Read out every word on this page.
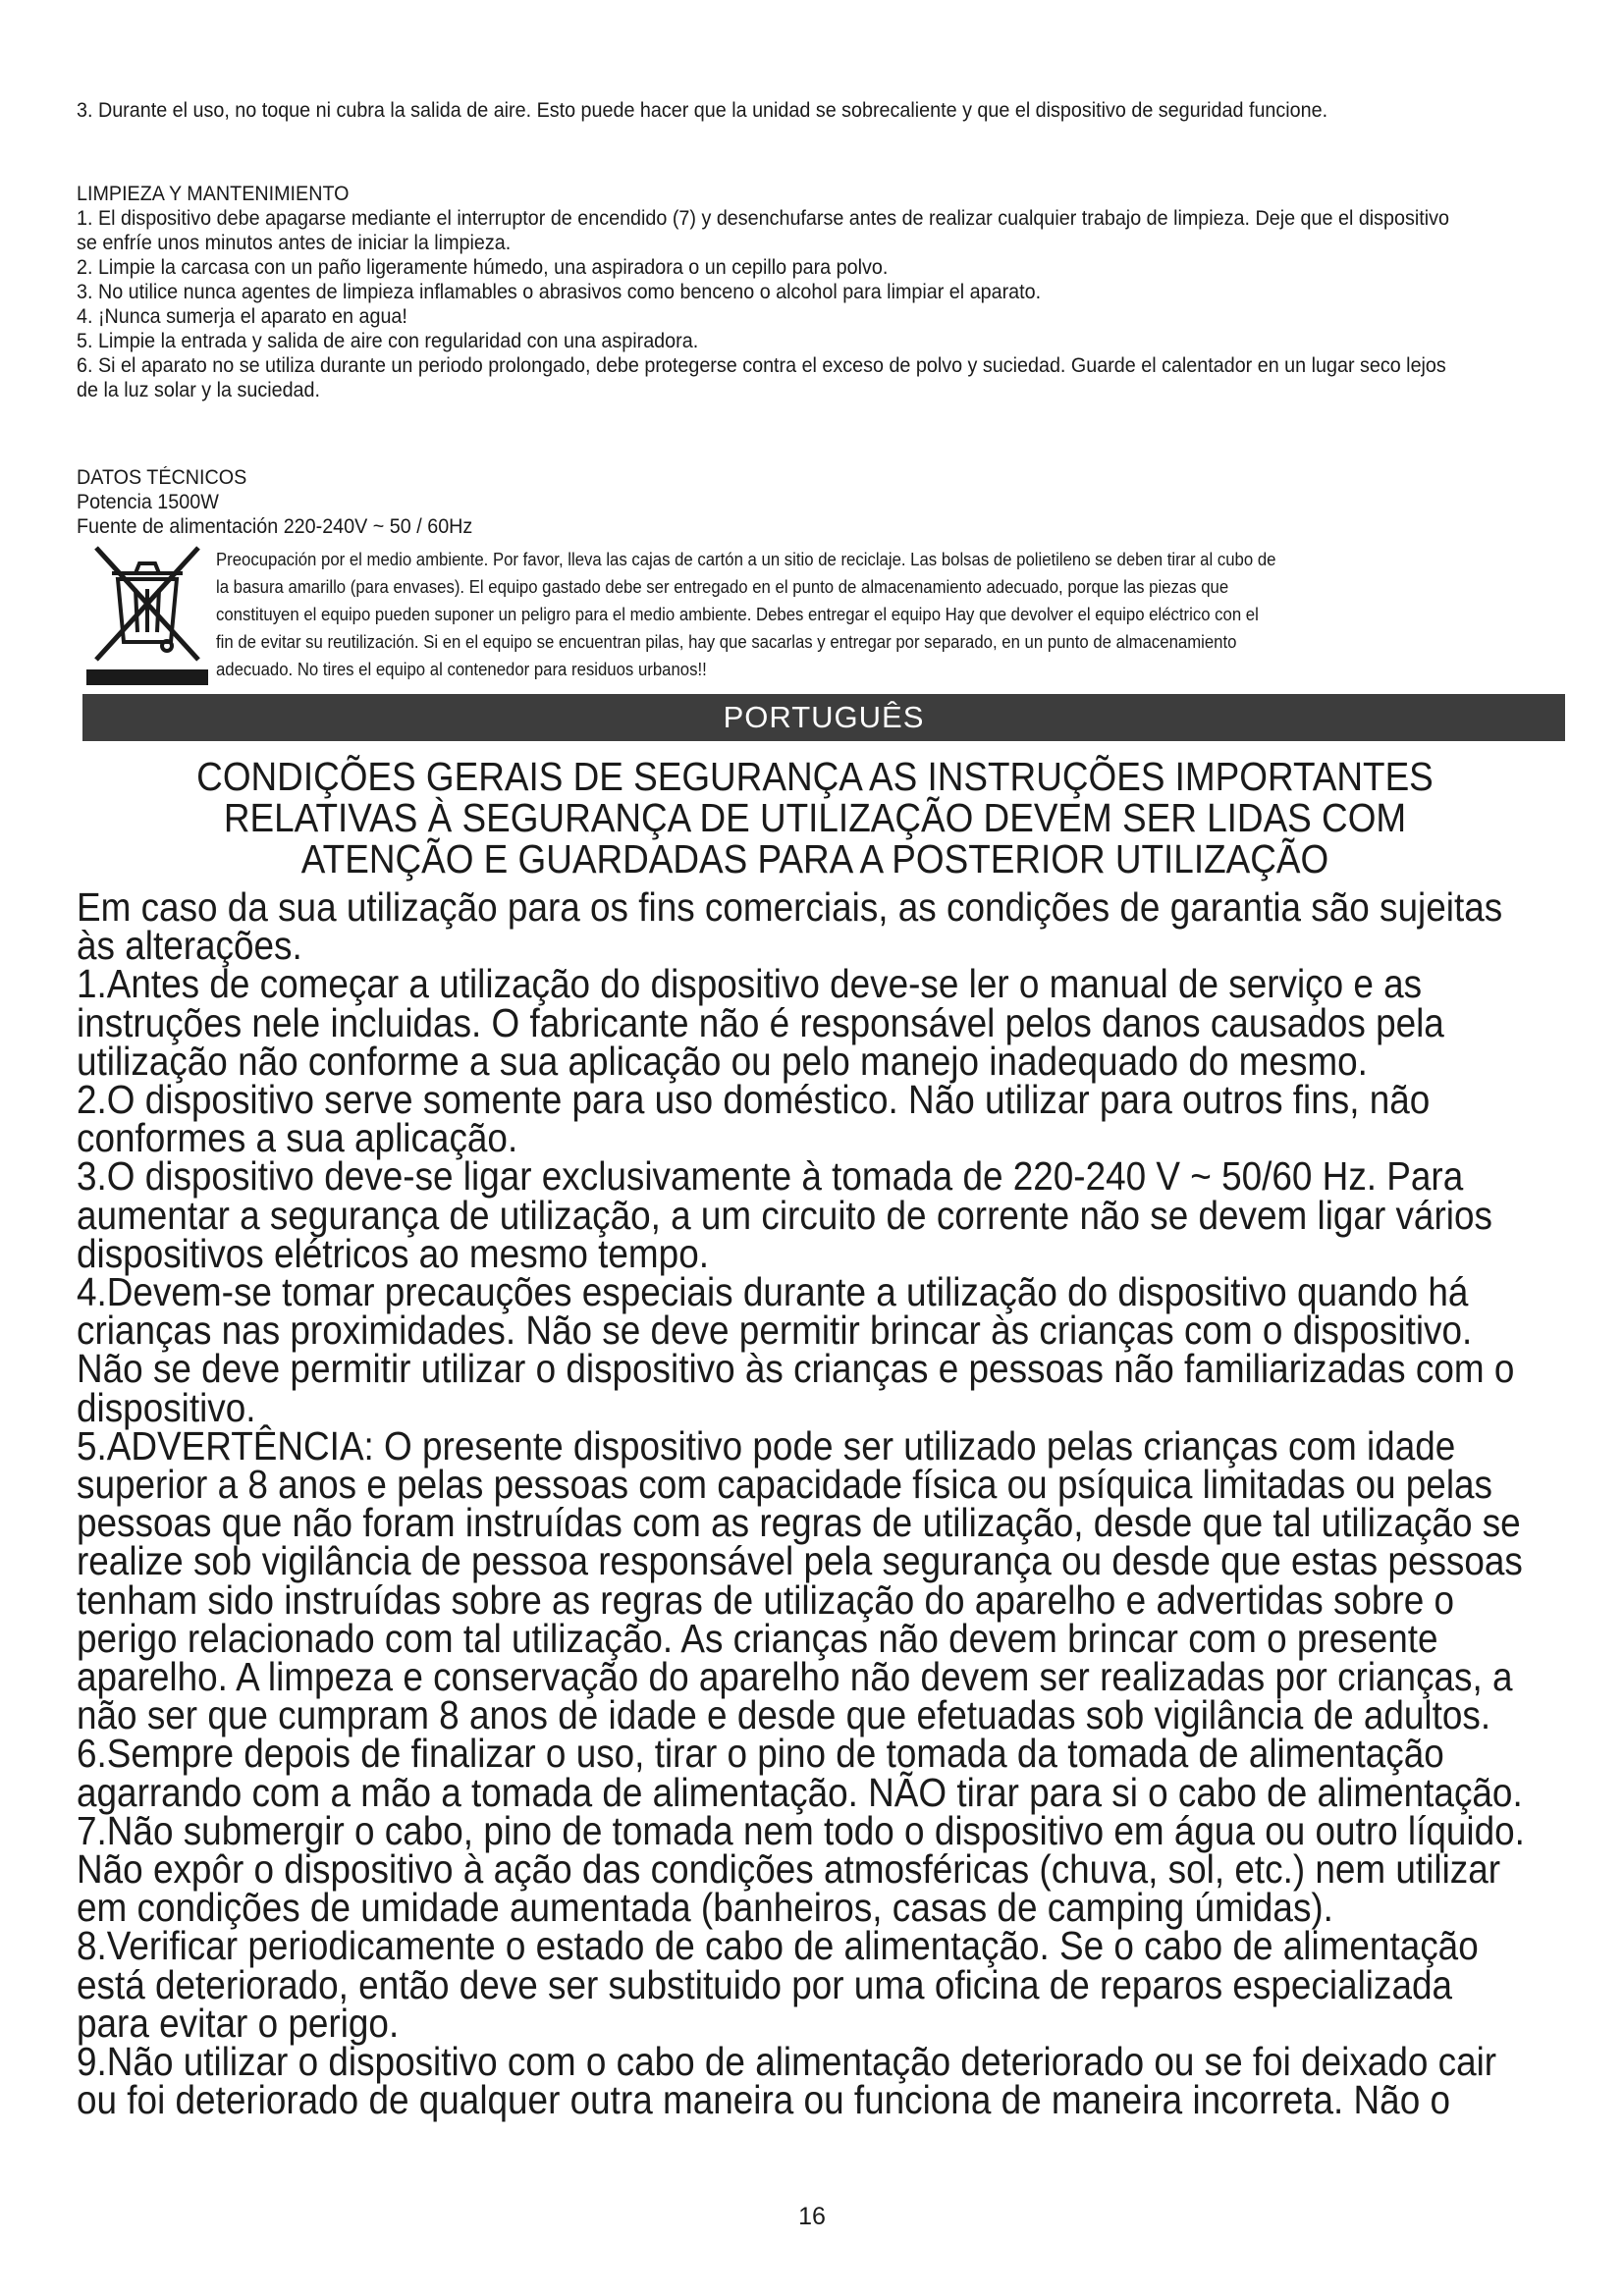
3. Durante el uso, no toque ni cubra la salida de aire. Esto puede hacer que la unidad se sobrecaliente y que el dispositivo de seguridad funcione.

LIMPIEZA Y MANTENIMIENTO

1. El dispositivo debe apagarse mediante el interruptor de encendido (7) y desenchufarse antes de realizar cualquier trabajo de limpieza. Deje que el dispositivo se enfríe unos minutos antes de iniciar la limpieza.

2. Limpie la carcasa con un paño ligeramente húmedo, una aspiradora o un cepillo para polvo.

3. No utilice nunca agentes de limpieza inflamables o abrasivos como benceno o alcohol para limpiar el aparato.

4. ¡Nunca sumerja el aparato en agua!

5. Limpie la entrada y salida de aire con regularidad con una aspiradora.

6. Si el aparato no se utiliza durante un periodo prolongado, debe protegerse contra el exceso de polvo y suciedad. Guarde el calentador en un lugar seco lejos de la luz solar y la suciedad.

DATOS TÉCNICOS

Potencia 1500W

Fuente de alimentación 220-240V ~ 50 / 60Hz

Preocupación por el medio ambiente. Por favor, lleva las cajas de cartón a un sitio de reciclaje. Las bolsas de polietileno se deben tirar al cubo de

la basura amarillo (para envases). El equipo gastado debe ser entregado en el punto de almacenamiento adecuado, porque las piezas que

constituyen el equipo pueden suponer un peligro para el medio ambiente. Debes entregar el equipo Hay que devolver el equipo eléctrico con el

fin de evitar su reutilización. Si en el equipo se encuentran pilas, hay que sacarlas y entregar por separado, en un punto de almacenamiento

adecuado. No tires el equipo al contenedor para residuos urbanos!!

PORTUGUÊS

CONDIÇÕES GERAIS DE SEGURANÇA AS INSTRUÇÕES IMPORTANTES RELATIVAS À SEGURANÇA DE UTILIZAÇÃO DEVEM SER LIDAS COM ATENÇÃO E GUARDADAS PARA A POSTERIOR UTILIZAÇÃO

Em caso da sua utilização para os fins comerciais, as condições de garantia são sujeitas às alterações.

1.Antes de começar a utilização do dispositivo deve-se ler o manual de serviço e as instruções nele incluidas. O fabricante não é responsável pelos danos causados pela utilização não conforme a sua aplicação ou pelo manejo inadequado do mesmo.

2.O dispositivo serve somente para uso doméstico. Não utilizar para outros fins, não conformes a sua aplicação.

3.O dispositivo deve-se ligar exclusivamente à tomada de 220-240 V ~ 50/60 Hz. Para aumentar a segurança de utilização, a um circuito de corrente não se devem ligar vários dispositivos elétricos ao mesmo tempo.

4.Devem-se tomar precauções especiais durante a utilização do dispositivo quando há crianças nas proximidades. Não se deve permitir brincar às crianças com o dispositivo. Não se deve permitir utilizar o dispositivo às crianças e pessoas não familiarizadas com o dispositivo.

5.ADVERTÊNCIA: O presente dispositivo pode ser utilizado pelas crianças com idade superior a 8 anos e pelas pessoas com capacidade física ou psíquica limitadas ou pelas pessoas que não foram instruídas com as regras de utilização, desde que tal utilização se realize sob vigilância de pessoa responsável pela segurança ou desde que estas pessoas tenham sido instruídas sobre as regras de utilização do aparelho e advertidas sobre o perigo relacionado com tal utilização. As crianças não devem brincar com o presente aparelho. A limpeza e conservação do aparelho não devem ser realizadas por crianças, a não ser que cumpram 8 anos de idade e desde que efetuadas sob vigilância de adultos.

6.Sempre depois de finalizar o uso, tirar o pino de tomada da tomada de alimentação agarrando com a mão a tomada de alimentação. NÃO tirar para si o cabo de alimentação.

7.Não submergir o cabo, pino de tomada nem todo o dispositivo em água ou outro líquido. Não expôr o dispositivo à ação das condições atmosféricas (chuva, sol, etc.) nem utilizar em condições de umidade aumentada (banheiros, casas de camping úmidas).

8.Verificar periodicamente o estado de cabo de alimentação. Se o cabo de alimentação está deteriorado, então deve ser substituido por uma oficina de reparos especializada para evitar o perigo.

9.Não utilizar o dispositivo com o cabo de alimentação deteriorado ou se foi deixado cair ou foi deteriorado de qualquer outra maneira ou funciona de maneira incorreta. Não o

16
